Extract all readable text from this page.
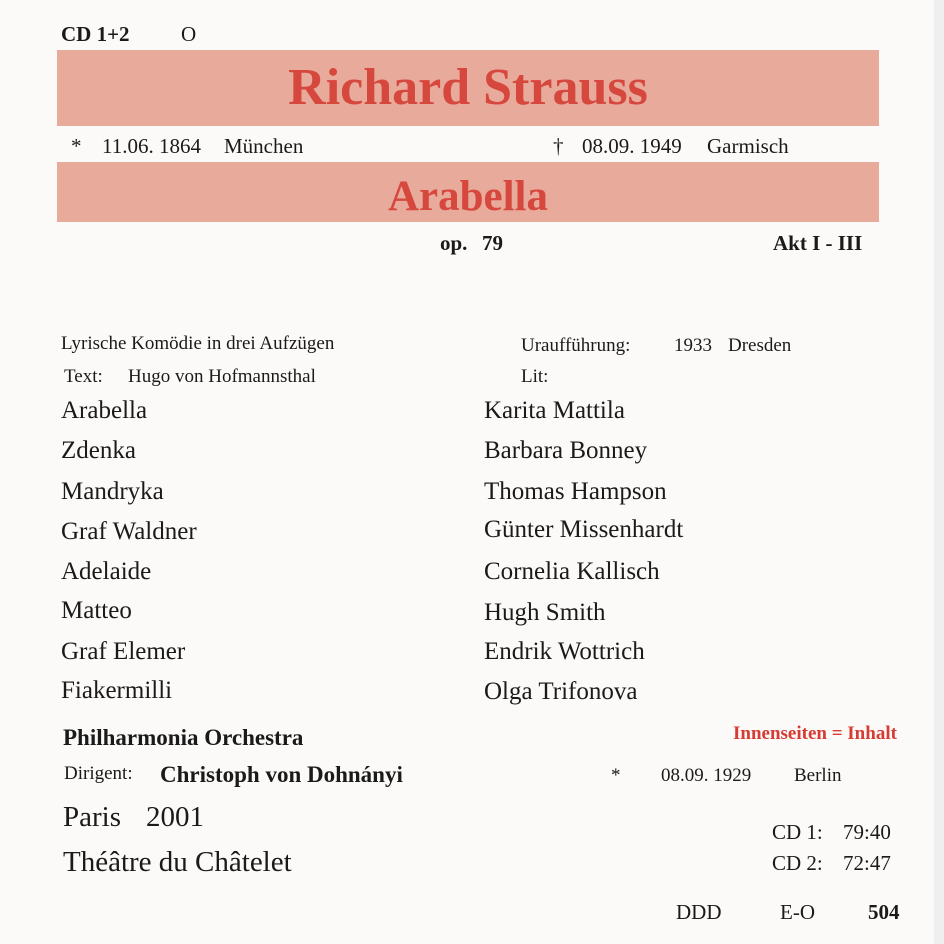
CD 1+2 O
Richard Strauss
* 11.06. 1864 München	† 08.09. 1949 Garmisch
Arabella
op. 79	Akt I - III
Lyrische Komödie in drei Aufzügen	Uraufführung: 1933 Dresden
Text: Hugo von Hofmannsthal	Lit:
Arabella	Karita Mattila
Zdenka	Barbara Bonney
Mandryka	Thomas Hampson
Graf Waldner	Günter Missenhardt
Adelaide	Cornelia Kallisch
Matteo	Hugh Smith
Graf Elemer	Endrik Wottrich
Fiakermilli	Olga Trifonova
Philharmonia Orchestra	Innenseiten = Inhalt
Dirigent: Christoph von Dohnányi	* 08.09. 1929 Berlin
Paris 2001
Théâtre du Châtelet
CD 1: 79:40
CD 2: 72:47
DDD	E-O	504
